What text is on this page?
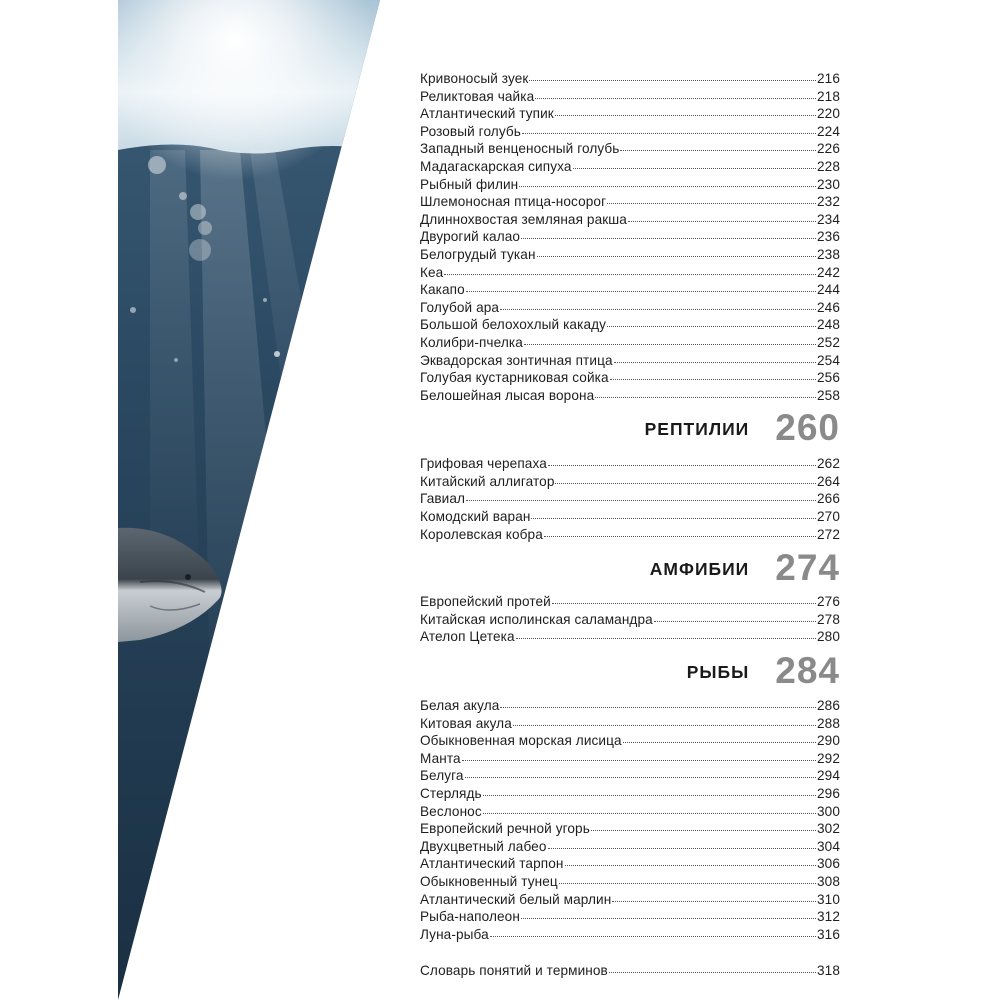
Кривоносый зуек	216
Реликтовая чайка	218
Атлантический тупик	220
Розовый голубь	224
Западный венценосный голубь	226
Мадагаскарская сипуха	228
Рыбный филин	230
Шлемоносная птица-носорог	232
Длиннохвостая земляная ракша	234
Двурогий калао	236
Белогрудый тукан	238
Кеа	242
Какапо	244
Голубой ара	246
Большой белохохлый какаду	248
Колибри-пчелка	252
Эквадорская зонтичная птица	254
Голубая кустарниковая сойка	256
Белошейная лысая ворона	258
РЕПТИЛИИ 260
Грифовая черепаха	262
Китайский аллигатор	264
Гавиал	266
Комодский варан	270
Королевская кобра	272
АМФИБИИ 274
Европейский протей	276
Китайская исполинская саламандра	278
Ателоп Цетека	280
РЫБЫ 284
Белая акула	286
Китовая акула	288
Обыкновенная морская лисица	290
Манта	292
Белуга	294
Стерлядь	296
Веслонос	300
Европейский речной угорь	302
Двухцветный лабео	304
Атлантический тарпон	306
Обыкновенный тунец	308
Атлантический белый марлин	310
Рыба-наполеон	312
Луна-рыба	316
Словарь понятий и терминов	318
